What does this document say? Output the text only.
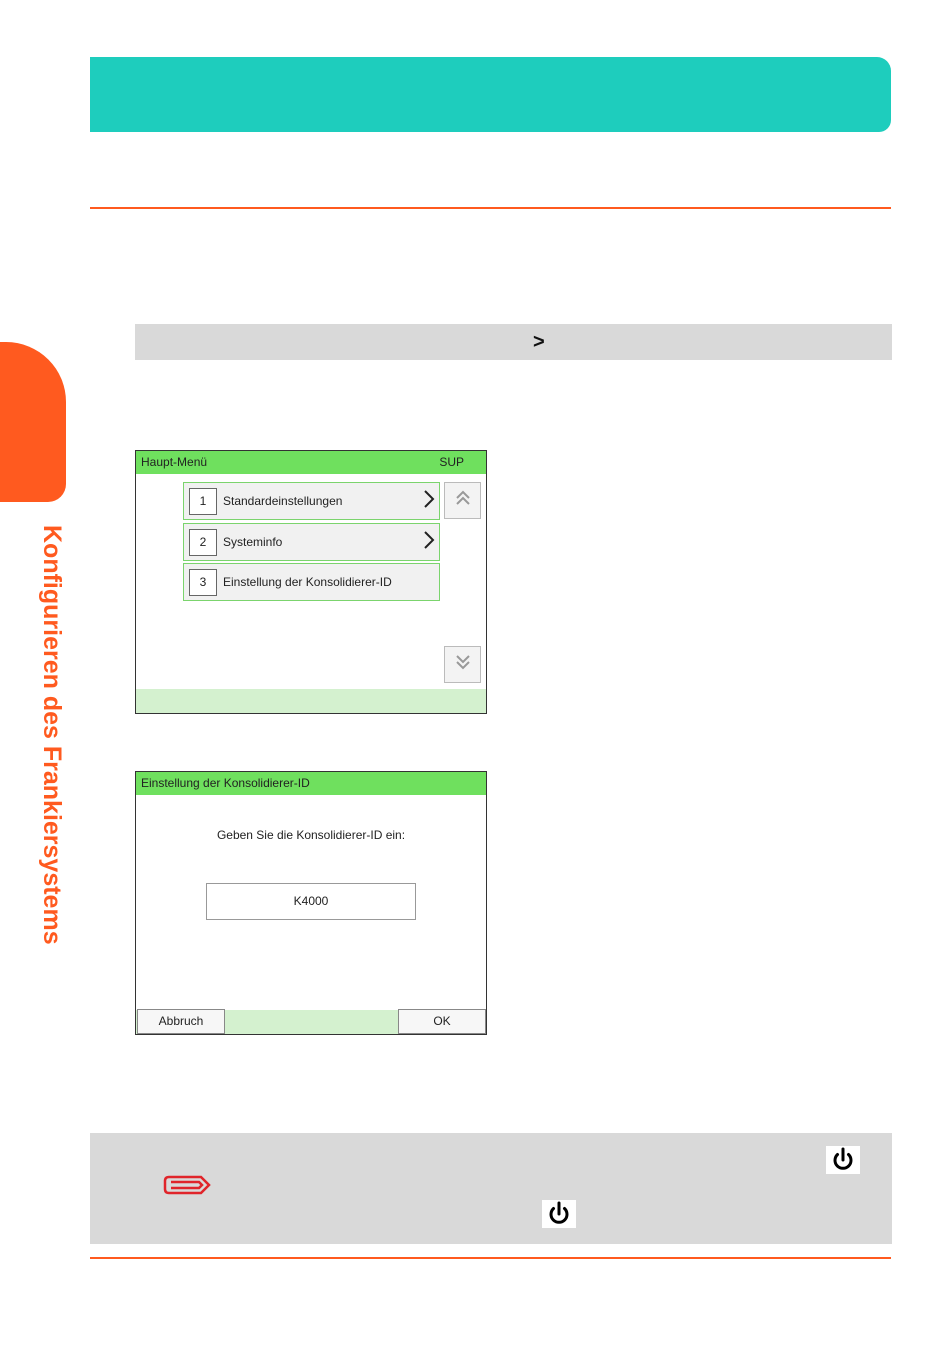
Konfigurieren des Frankiersystems
>
Haupt-Menü	SUP
1	Standardeinstellungen
2	Systeminfo
3	Einstellung der Konsolidierer-ID
Einstellung der Konsolidierer-ID
Geben Sie die Konsolidierer-ID ein:
K4000
Abbruch	OK
